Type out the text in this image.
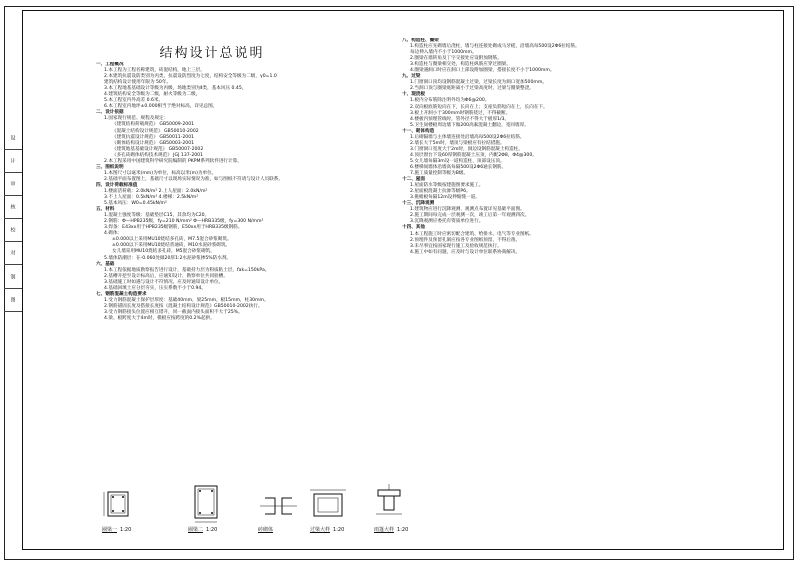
设
计
审
核
校
对
制
图
结构设计总说明
一、工程概况
1.本工程为工程名称建筑，砖混结构，地上三层。
2.本建筑抗震设防类别为丙类，抗震设防烈度为七度，结构安全等级为二级，γ0=1.0
建筑结构设计使用年限为 50年。
3.本工程地基基础设计等级为丙级，场地类别为Ⅱ类，基本风压 0.45，
4.建筑结构安全等级为二级，耐火等级为二级，
5.本工程室内外高差 0.6米。
6.本工程室内地坪±0.000相当于绝对标高，详见总图。
二、设计依据
1.国家现行规范、规程及规定：
《建筑结构荷载规范》 GB50009-2001
《混凝土结构设计规范》 GB50010-2002
《建筑抗震设计规范》 GB50011-2001
《砌体结构设计规范》 GB50003-2001
《建筑地基基础设计规范》 GB50007-2002
《多孔砖砌体结构技术规范》 JGJ 137-2001
2.本工程采用中国建筑科学研究院编制的 PKPM系列软件进行计算。
三、图纸说明
1.本图尺寸以毫米(mm)为单位，标高以米(m)为单位。
2.基础平面布置图上，基础尺寸以现场实际情况为准，如与图纸不符请与设计人员联系。
四、设计荷载标准值
1.楼面活荷载：2.0kN/m² 2.上人屋面：2.0kN/m²
3.不上人屋面：0.5kN/m² 4.楼梯：2.5kN/m²
5.基本风压：W0=0.45kN/m²
五、材料
1.混凝土强度等级：基础垫层C15，其余均为C20。
2.钢筋：Φ—HPB235级，fy=210 N/mm² Φ—HRB335级，fy=300 N/mm²
3.焊条：E43xx用于HPB235级钢筋，E50xx用于HRB335级钢筋。
4.砌体：
±0.000以上采用MU10烧结多孔砖，M7.5混合砂浆砌筑。
±0.000以下采用MU10烧结普通砖，M10水泥砂浆砌筑。
女儿墙采用MU10烧结多孔砖，M5混合砂浆砌筑。
5.墙体防潮层：在-0.060处做20厚1:2水泥砂浆掺5%防水剂。
六、基础
1.本工程依据地质勘察报告进行设计，基础持力层为粉质粘土层，fak=150kPa。
2.基槽开挖至设计标高后，应通知设计、勘察单位共同验槽。
3.基础施工时如遇与设计不符情况，应及时通知设计单位。
4.基础回填土应分层夯实，压实系数不小于0.94。
七、钢筋混凝土构造要求
1.受力钢筋混凝土保护层厚度：基础40mm，梁25mm，板15mm，柱30mm。
2.钢筋锚固长度及搭接长度按《混凝土结构设计规范》GB50010-2002执行。
3.受力钢筋接头位置应相互错开，同一截面内接头面积不大于25%。
4.梁、板跨度大于4m时，模板应按跨度的0.2%起拱。
八、构造柱、圈梁
1.构造柱应先砌墙后浇柱，墙与柱连接处砌成马牙槎，沿墙高每500设2Φ6拉结筋。
每边伸入墙内不小于1000mm。
2.圈梁在墙转角及丁字交接处应设附加钢筋。
3.构造柱与圈梁相交处，构造柱纵筋应穿过圈梁。
4.圈梁遇洞口时应在洞口上部设附加圈梁，搭接长度不小于1000mm。
九、过梁
1.门窗洞口顶均设钢筋混凝土过梁，过梁长度为洞口宽加500mm。
2.当洞口顶与圈梁底距离小于过梁高度时，过梁与圈梁整浇。
十、现浇板
1.板内分布筋除注明外均为Φ6@200。
2.双向板底筋短向在下，长向在上；支座负筋短向在上，长向在下。
3.板上开洞小于300mm时钢筋绕过，不得截断。
4.楼板内预埋管线时，管外径不得大于板厚1/3。
5.卫生间楼板周边墙下做200高素混凝土翻边，宽同墙厚。
十一、砌体构造
1.后砌隔墙与主体墙连接处沿墙高每500设2Φ6拉结筋。
2.墙长大于5m时，墙顶与梁板应有拉结措施。
3.门窗洞口宽度大于2m时，洞边设钢筋混凝土构造柱。
4.顶层窗台下设60厚钢筋混凝土压顶，内配2Φ8，Φ4@300。
5.女儿墙每隔3m设一道构造柱，顶部设压顶。
6.楼梯间墙体沿墙高每隔500设2Φ6通长钢筋。
7.施工质量控制等级为B级。
十二、屋面
1.屋面防水等级按建施图要求施工。
2.屋面板混凝土抗渗等级P6。
3.挑檐板每隔12m设伸缩缝一道。
十三、沉降观测
1.建筑物应进行沉降观测，观测点布置详见基础平面图。
2.施工期间每完成一层观测一次，竣工后第一年观测四次。
3.沉降观测应委托有资质单位进行。
十四、其他
1.本工程施工时应密切配合建筑、给排水、电气等专业图纸。
2.预埋件及预留孔洞应按各专业图纸预留，不得后凿。
3.未尽事宜按国家现行施工及验收规范执行。
4.施工中如有问题，应及时与设计单位联系协商解决。
圈梁一 1:20	圈梁二 1:20	砖砌体	过梁大样 1:20	雨篷大样 1:20
